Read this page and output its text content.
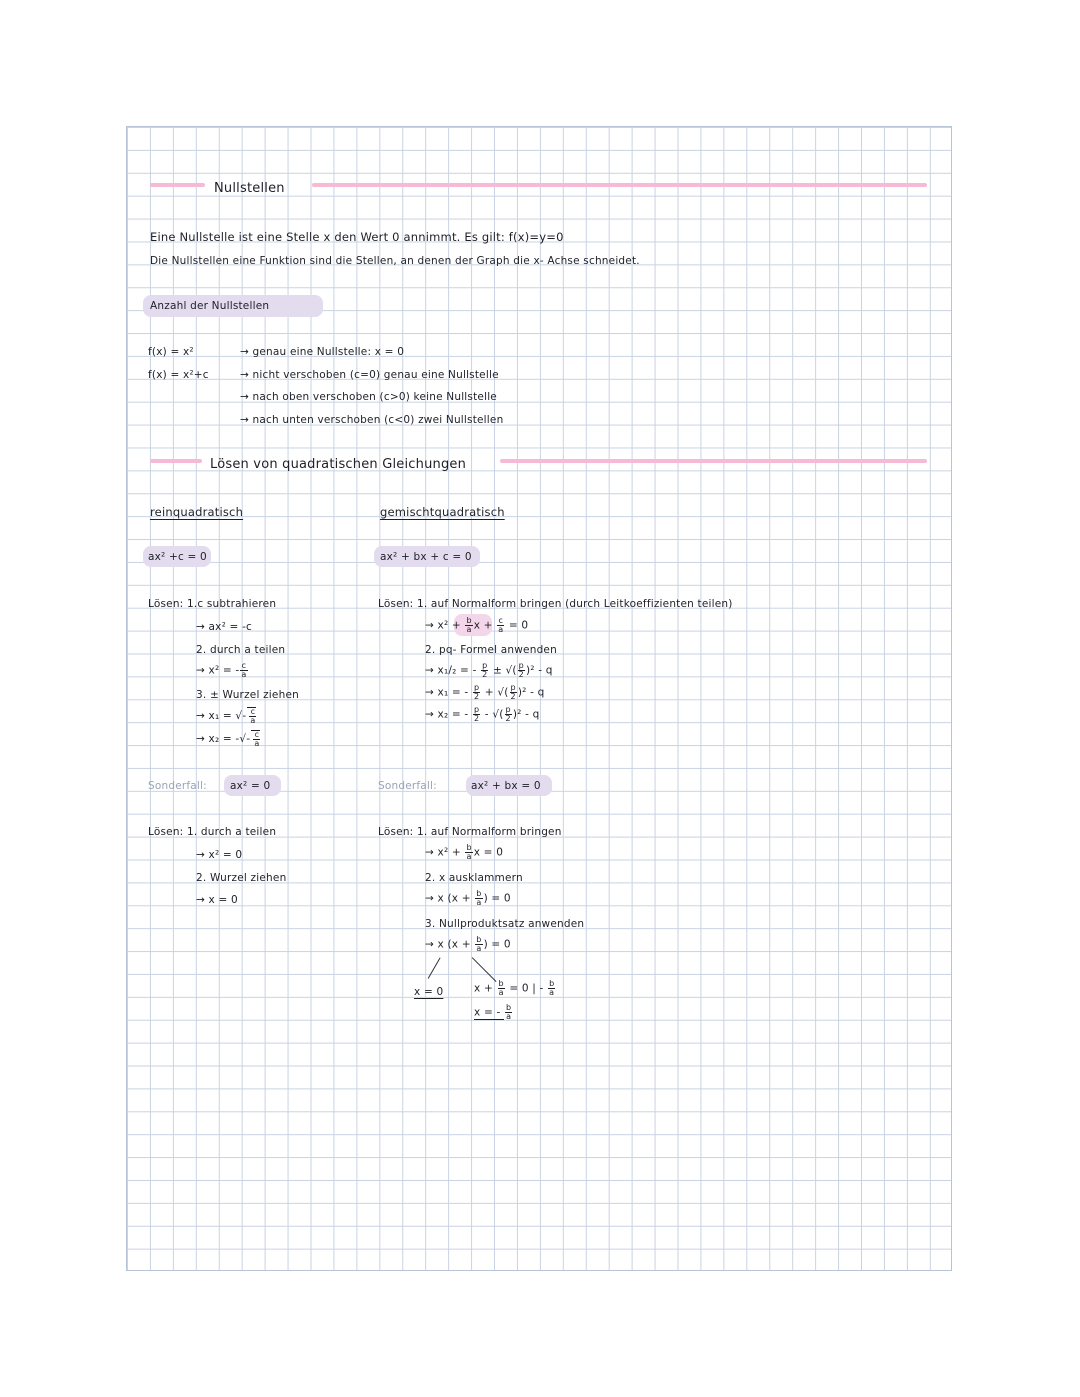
Nullstellen
Eine Nullstelle ist eine Stelle x den Wert 0 annimmt. Es gilt: f(x)=y=0
Die Nullstellen eine Funktion sind die Stellen, an denen der Graph die x- Achse schneidet.
Anzahl der Nullstellen
f(x) = x²
f(x) = x²+c
→ genau eine Nullstelle: x = 0
→ nicht verschoben (c=0) genau eine Nullstelle
→ nach oben verschoben (c>0) keine Nullstelle
→ nach unten verschoben (c<0) zwei Nullstellen
Lösen von quadratischen Gleichungen
reinquadratisch
ax² +c = 0
Lösen: 1.c subtrahieren
→ ax² = -c
2. durch a teilen
→ x² = - $\frac{c}{a}$
3. ± Wurzel ziehen
→ x₁ = √- $\frac{c}{a}$
→ x₂ = -√- $\frac{c}{a}$
Sonderfall: ax² = 0
Lösen: 1. durch a teilen
→ x² = 0
2. Wurzel ziehen
→ x = 0
gemischtquadratisch
ax² + bx + c = 0
Lösen: 1. auf Normalform bringen (durch Leitkoeffizienten teilen)
→ $x^2 + \frac{b}{a}$ $x + \frac{c}{a} = 0$
2. pq- Formel anwenden
→ x₁/₂ = - $\frac{p}{2}$ ± √( $\frac{p}{2} )^2$ - q
→ x₁ = - $\frac{p}{2}$ + √( $\frac{p}{2} )^2$ - q
→ x₂ = - $\frac{p}{2}$ - √( $\frac{p}{2} )^2$ - q
Sonderfall:	ax² + bx = 0
Lösen: 1. auf Normalform bringen
→ $x^2 + \frac{b}{a}$ x = 0
2. x ausklammern
→ x ($x + \frac{b}{a}$ ) = 0
3. Nullproduktsatz anwenden
→ x ($x + \frac{b}{a}$ ) = 0
x = 0	$x + \frac{b}{a} = 0$ | - $\frac{b}{a}$
x = - $\frac{b}{a}$
